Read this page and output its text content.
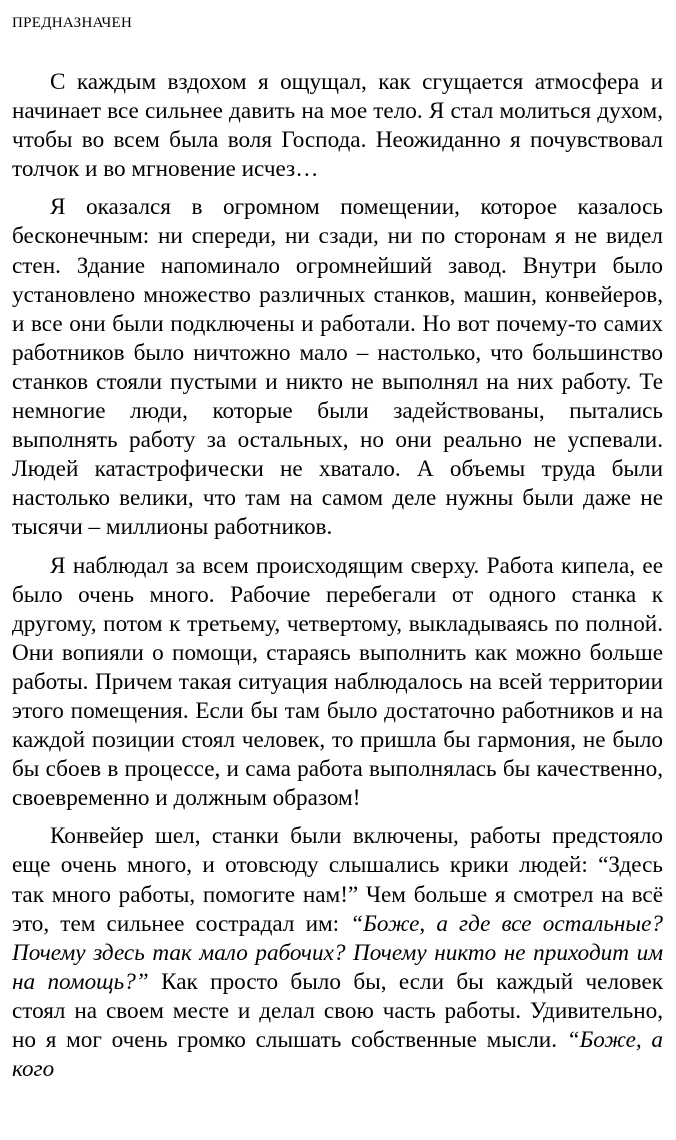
ПРЕДНАЗНАЧЕН

С каждым вздохом я ощущал, как сгущается атмосфера и начинает все сильнее давить на мое тело. Я стал молиться духом, чтобы во всем была воля Господа. Неожиданно я почувствовал толчок и во мгновение исчез…

Я оказался в огромном помещении, которое казалось бесконечным: ни спереди, ни сзади, ни по сторонам я не видел стен. Здание напоминало огромнейший завод. Внутри было установлено множество различных станков, машин, конвейеров, и все они были подключены и работали. Но вот почему-то самих работников было ничтожно мало – настолько, что большинство станков стояли пустыми и никто не выполнял на них работу. Те немногие люди, которые были задействованы, пытались выполнять работу за остальных, но они реально не успевали. Людей катастрофически не хватало. А объемы труда были настолько велики, что там на самом деле нужны были даже не тысячи – миллионы работников.

Я наблюдал за всем происходящим сверху. Работа кипела, ее было очень много. Рабочие перебегали от одного станка к другому, потом к третьему, четвертому, выкладываясь по полной. Они вопияли о помощи, стараясь выполнить как можно больше работы. Причем такая ситуация наблюдалось на всей территории этого помещения. Если бы там было достаточно работников и на каждой позиции стоял человек, то пришла бы гармония, не было бы сбоев в процессе, и сама работа выполнялась бы качественно, своевременно и должным образом!

Конвейер шел, станки были включены, работы предстояло еще очень много, и отовсюду слышались крики людей: “Здесь так много работы, помогите нам!” Чем больше я смотрел на всё это, тем сильнее сострадал им: “Боже, а где все остальные? Почему здесь так мало рабочих? Почему никто не приходит им на помощь?” Как просто было бы, если бы каждый человек стоял на своем месте и делал свою часть работы. Удивительно, но я мог очень громко слышать собственные мысли. “Боже, а кого
